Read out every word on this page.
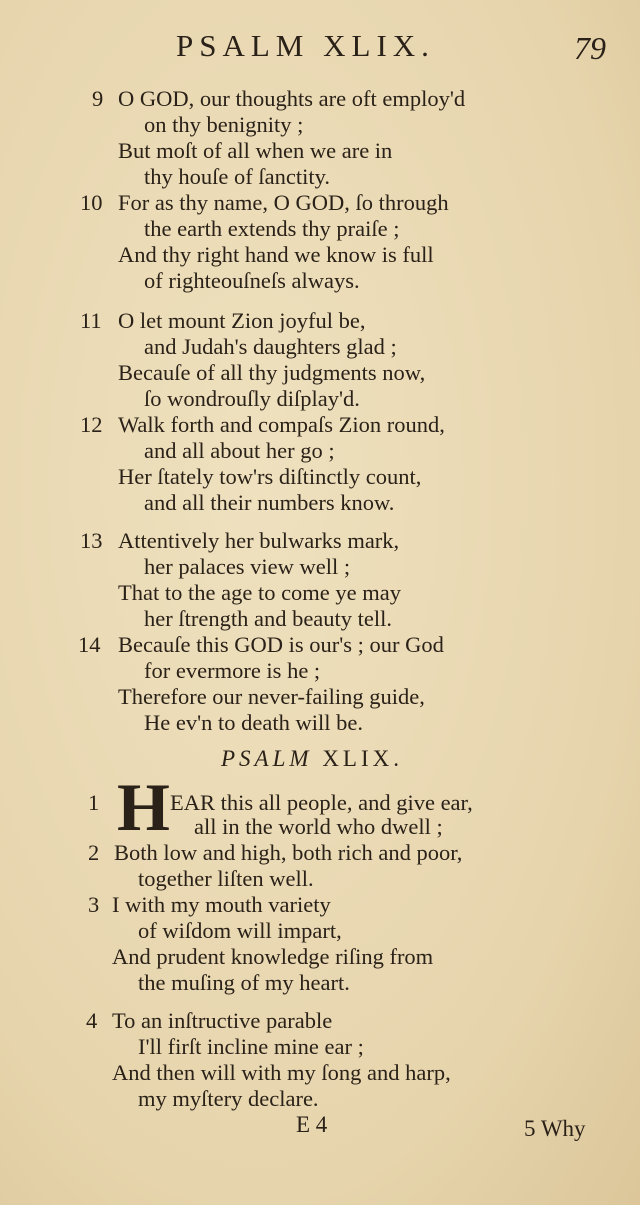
PSALM XLIX.	79
9 O GOD, our thoughts are oft employ'd
on thy benignity ;
But moſt of all when we are in
thy houſe of ſanctity.
10 For as thy name, O GOD, ſo through
the earth extends thy praiſe ;
And thy right hand we know is full
of righteouſneſs always.
11 O let mount Zion joyful be,
and Judah's daughters glad ;
Becauſe of all thy judgments now,
ſo wondrouſly diſplay'd.
12 Walk forth and compaſs Zion round,
and all about her go ;
Her ſtately tow'rs diſtinctly count,
and all their numbers know.
13 Attentively her bulwarks mark,
her palaces view well ;
That to the age to come ye may
her ſtrength and beauty tell.
14 Becauſe this GOD is our's ; our God
for evermore is he ;
Therefore our never-failing guide,
He ev'n to death will be.
PSALM XLIX.
1 H EAR this all people, and give ear,
all in the world who dwell ;
2 Both low and high, both rich and poor,
together liſten well.
3 I with my mouth variety
of wiſdom will impart,
And prudent knowledge riſing from
the muſing of my heart.
4 To an inſtructive parable
I'll firſt incline mine ear ;
And then will with my ſong and harp,
my myſtery declare.
E 4	5 Why
